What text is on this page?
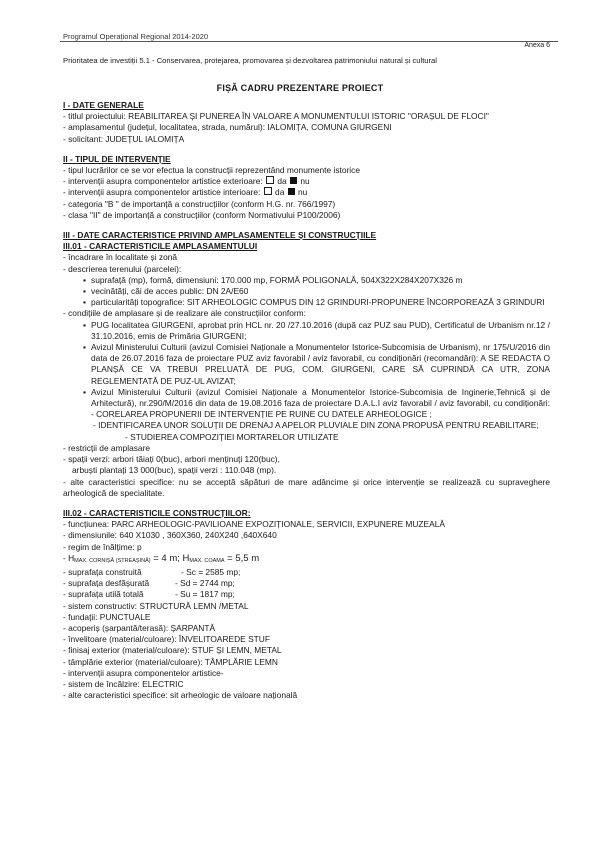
Programul Operațional Regional 2014-2020
Anexa 6
Prioritatea de investiții 5.1 - Conservarea, protejarea, promovarea și dezvoltarea patrimoniului natural și cultural
FIȘĂ CADRU PREZENTARE PROIECT
I - DATE GENERALE
- titlul proiectului: REABILITAREA ȘI PUNEREA ÎN VALOARE A MONUMENTULUI ISTORIC "ORAȘUL DE FLOCI"
- amplasamentul (județul, localitatea, strada, numărul): IALOMIȚA, COMUNA GIURGENI
- solicitant: JUDEȚUL IALOMIȚA
II - TIPUL DE INTERVENȚIE
- tipul lucrărilor ce se vor efectua la construcții reprezentând monumente istorice
- intervenții asupra componentelor artistice exterioare: da nu
- intervenții asupra componentelor artistice interioare: da nu
- categoria "B " de importanță a construcțiilor (conform H.G. nr. 766/1997)
- clasa "II" de importanță a construcțiilor (conform Normativului P100/2006)
III - DATE CARACTERISTICE PRIVIND AMPLASAMENTELE ȘI CONSTRUCȚIILE
III.01 - CARACTERISTICILE AMPLASAMENTULUI
- încadrare în localitate și zonă
- descrierea terenului (parcelei):
▪ suprafață (mp), formă, dimensiuni: 170.000 mp, FORMĂ POLIGONALĂ, 504X322X284X207X326 m
▪ vecinătăți, căi de acces public: DN 2A/E60
▪ particularități topografice: SIT ARHEOLOGIC COMPUS DIN 12 GRINDURI-PROPUNERE ÎNCORPOREAZĂ 3 GRINDURI
- condițiile de amplasare și de realizare ale construcțiilor conform:
▪ PUG localitatea GIURGENI, aprobat prin HCL nr. 20 /27.10.2016 (după caz PUZ sau PUD), Certificatul de Urbanism nr.12 / 31.10.2016, emis de Primăria GIURGENI;
▪ Avizul Ministerului Culturii (avizul Comisiei Naționale a Monumentelor Istorice-Subcomisia de Urbanism), nr 175/U/2016 din data de 26.07.2016 faza de proiectare PUZ aviz favorabil / aviz favorabil, cu condiționări (recomandări): A SE REDACTA O PLANȘĂ CE VA TREBUI PRELUATĂ DE PUG, COM. GIURGENI, CARE SĂ CUPRINDĂ CA UTR, ZONA REGLEMENTATĂ DE PUZ-UL AVIZAT;
▪ Avizul Ministerului Culturii (avizul Comisiei Naționale a Monumentelor Istorice-Subcomisia de Inginerie,Tehnică și de Arhitectură), nr.290/M/2016 din data de 19.08.2016 faza de proiectare D.A.L.I aviz favorabil / aviz favorabil, cu condiționări: - CORELAREA PROPUNERII DE INTERVENȚIE PE RUINE CU DATELE ARHEOLOGICE ;
- IDENTIFICAREA UNOR SOLUȚII DE DRENAJ A APELOR PLUVIALE DIN ZONA PROPUSĂ PENTRU REABILITARE;
- STUDIEREA COMPOZIȚIEI MORTARELOR UTILIZATE
- restricții de amplasare
- spații verzi: arbori tăiați 0(buc), arbori menținuți 120(buc),
arbuști plantați 13 000(buc), spații verzi : 110.048 (mp).
- alte caracteristici specifice: nu se acceptă săpături de mare adâncime și orice intervenție se realizează cu supraveghere arheologică de specialitate.
III.02 - CARACTERISTICILE CONSTRUCȚIILOR:
- funcțiunea: PARC ARHEOLOGIC-PAVILIOANE EXPOZIȚIONALE, SERVICII, EXPUNERE MUZEALĂ
- dimensiunile: 640 X1030 , 360X360, 240X240 ,640X640
- regim de înălțime: p
- $H_{MAX. CORNIȘĂ (STREAȘINĂ)} = 4$ m; $H_{MAX. COAMA} = 5,5$ m
- suprafața construită	- Sc = 2585 mp;
- suprafața desfășurată	- Sd = 2744 mp;
- suprafața utilă totală	- Su = 1817 mp;
- sistem constructiv: STRUCTURĂ LEMN /METAL
- fundații: PUNCTUALE
- acoperiș (șarpantă/terasă): ȘARPANTĂ
- învelitoare (material/culoare): ÎNVELITOAREDE STUF
- finisaj exterior (material/culoare): STUF ȘI LEMN, METAL
- tâmplărie exterior (material/culoare): TÂMPLĂRIE LEMN
- intervenții asupra componentelor artistice-
- sistem de încălzire: ELECTRIC
- alte caracteristici specifice: sit arheologic de valoare națională
